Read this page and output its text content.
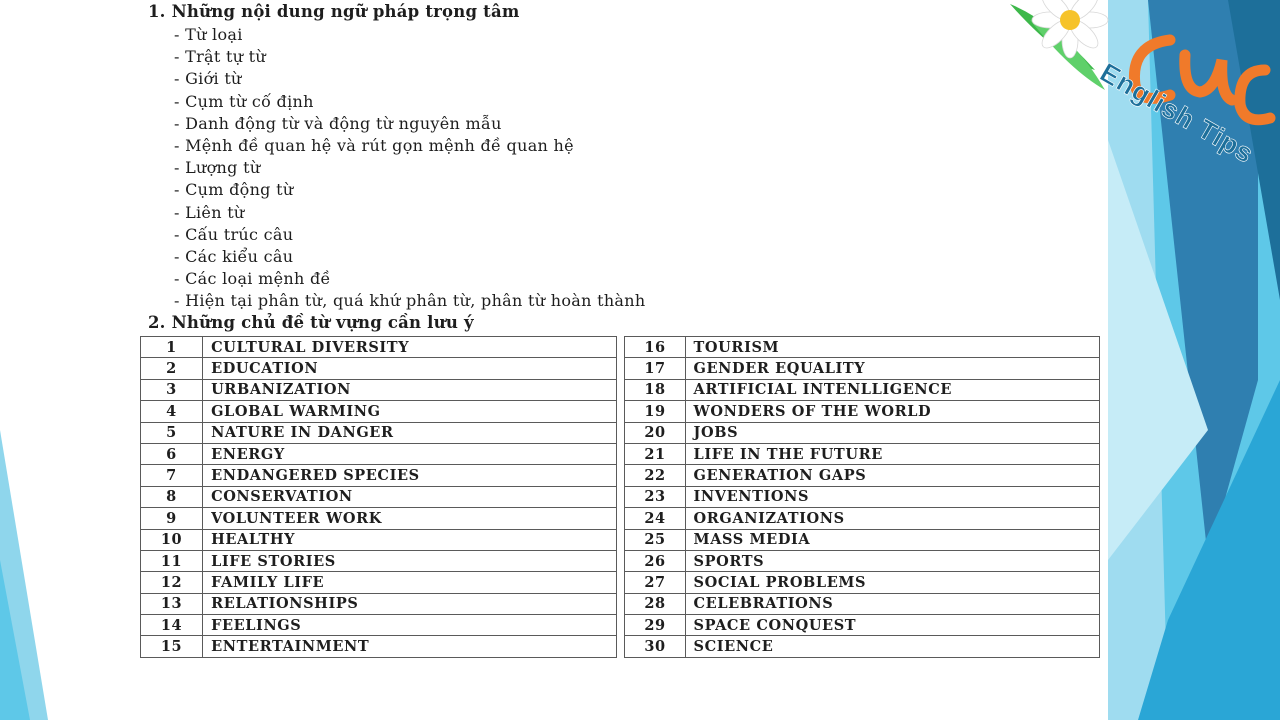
English Tips
1. Những nội dung ngữ pháp trọng tâm
- Từ loại
- Trật tự từ
- Giới từ
- Cụm từ cố định
- Danh động từ và động từ nguyên mẫu
- Mệnh đề quan hệ và rút gọn mệnh đề quan hệ
- Lượng từ
- Cụm động từ
- Liên từ
- Cấu trúc câu
- Các kiểu câu
- Các loại mệnh đề
- Hiện tại phân từ, quá khứ phân từ, phân từ hoàn thành
2. Những chủ đề từ vựng cần lưu ý
1	CULTURAL DIVERSITY		16	TOURISM
2	EDUCATION		17	GENDER EQUALITY
3	URBANIZATION		18	ARTIFICIAL INTENLLIGENCE
4	GLOBAL WARMING		19	WONDERS OF THE WORLD
5	NATURE IN DANGER		20	JOBS
6	ENERGY		21	LIFE IN THE FUTURE
7	ENDANGERED SPECIES		22	GENERATION GAPS
8	CONSERVATION		23	INVENTIONS
9	VOLUNTEER WORK		24	ORGANIZATIONS
10	HEALTHY		25	MASS MEDIA
11	LIFE STORIES		26	SPORTS
12	FAMILY LIFE		27	SOCIAL PROBLEMS
13	RELATIONSHIPS		28	CELEBRATIONS
14	FEELINGS		29	SPACE CONQUEST
15	ENTERTAINMENT		30	SCIENCE
